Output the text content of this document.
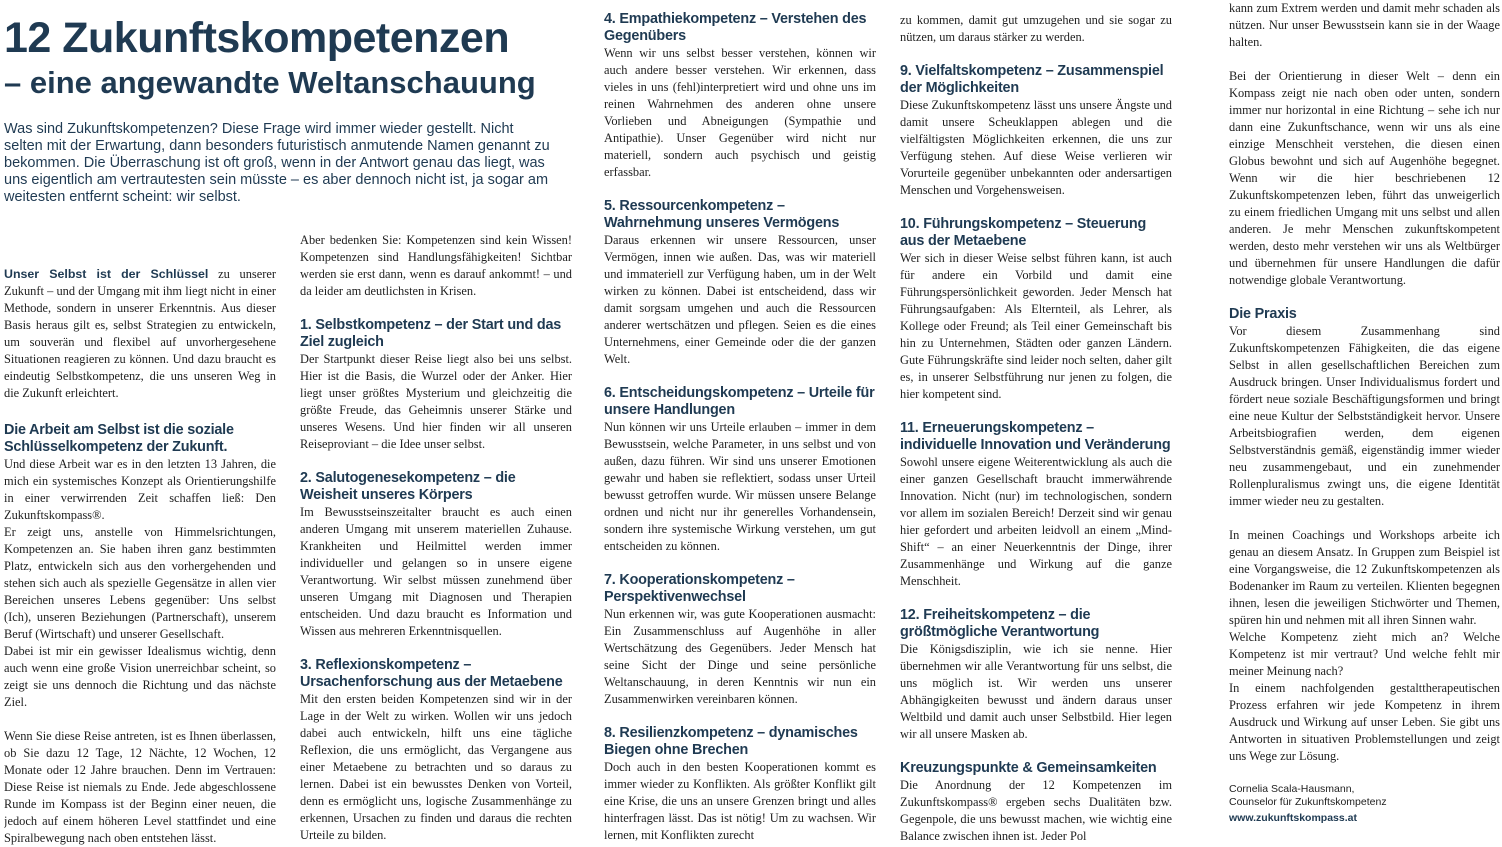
12 Zukunftskompetenzen
– eine angewandte Weltanschauung
Was sind Zukunftskompetenzen? Diese Frage wird immer wieder gestellt. Nicht selten mit der Erwartung, dann besonders futuristisch anmutende Namen genannt zu bekommen. Die Überraschung ist oft groß, wenn in der Antwort genau das liegt, was uns eigentlich am vertrautesten sein müsste – es aber dennoch nicht ist, ja sogar am weitesten entfernt scheint: wir selbst.

Unser Selbst ist der Schlüssel zu unserer Zukunft – und der Umgang mit ihm liegt nicht in einer Methode, sondern in unserer Erkenntnis. Aus dieser Basis heraus gilt es, selbst Strategien zu entwickeln, um souverän und flexibel auf unvorhergesehene Situationen reagieren zu können. Und dazu braucht es eindeutig Selbstkompetenz, die uns unseren Weg in die Zukunft erleichtert.

Die Arbeit am Selbst ist die soziale Schlüsselkompetenz der Zukunft.

Und diese Arbeit war es in den letzten 13 Jahren, die mich ein systemisches Konzept als Orientierungshilfe in einer verwirrenden Zeit schaffen ließ: Den Zukunftskompass®.

Er zeigt uns, anstelle von Himmelsrichtungen, Kompetenzen an. Sie haben ihren ganz bestimmten Platz, entwickeln sich aus den vorhergehenden und stehen sich auch als spezielle Gegensätze in allen vier Bereichen unseres Lebens gegenüber: Uns selbst (Ich), unseren Beziehungen (Partnerschaft), unserem Beruf (Wirtschaft) und unserer Gesellschaft.

Dabei ist mir ein gewisser Idealismus wichtig, denn auch wenn eine große Vision unerreichbar scheint, so zeigt sie uns dennoch die Richtung und das nächste Ziel.

Wenn Sie diese Reise antreten, ist es Ihnen überlassen, ob Sie dazu 12 Tage, 12 Nächte, 12 Wochen, 12 Monate oder 12 Jahre brauchen. Denn im Vertrauen: Diese Reise ist niemals zu Ende. Jede abgeschlossene Runde im Kompass ist der Beginn einer neuen, die jedoch auf einem höheren Level stattfindet und eine Spiralbewegung nach oben entstehen lässt.

Aber bedenken Sie: Kompetenzen sind kein Wissen! Kompetenzen sind Handlungsfähigkeiten! Sichtbar werden sie erst dann, wenn es darauf ankommt! – und da leider am deutlichsten in Krisen.

1. Selbstkompetenz – der Start und das Ziel zugleich

Der Startpunkt dieser Reise liegt also bei uns selbst. Hier ist die Basis, die Wurzel oder der Anker. Hier liegt unser größtes Mysterium und gleichzeitig die größte Freude, das Geheimnis unserer Stärke und unseres Wesens. Und hier finden wir all unseren Reiseproviant – die Idee unser selbst.

2. Salutogenesekompetenz – die Weisheit unseres Körpers

Im Bewusstseinszeitalter braucht es auch einen anderen Umgang mit unserem materiellen Zuhause. Krankheiten und Heilmittel werden immer individueller und gelangen so in unsere eigene Verantwortung. Wir selbst müssen zunehmend über unseren Umgang mit Diagnosen und Therapien entscheiden. Und dazu braucht es Information und Wissen aus mehreren Erkenntnisquellen.

3. Reflexionskompetenz – Ursachenforschung aus der Metaebene

Mit den ersten beiden Kompetenzen sind wir in der Lage in der Welt zu wirken. Wollen wir uns jedoch dabei auch entwickeln, hilft uns eine tägliche Reflexion, die uns ermöglicht, das Vergangene aus einer Metaebene zu betrachten und so daraus zu lernen. Dabei ist ein bewusstes Denken von Vorteil, denn es ermöglicht uns, logische Zusammenhänge zu erkennen, Ursachen zu finden und daraus die rechten Urteile zu bilden.

4. Empathiekompetenz – Verstehen des Gegenübers

Wenn wir uns selbst besser verstehen, können wir auch andere besser verstehen. Wir erkennen, dass vieles in uns (fehl)interpretiert wird und ohne uns im reinen Wahrnehmen des anderen ohne unsere Vorlieben und Abneigungen (Sympathie und Antipathie). Unser Gegenüber wird nicht nur materiell, sondern auch psychisch und geistig erfassbar.

5. Ressourcenkompetenz – Wahrnehmung unseres Vermögens

Daraus erkennen wir unsere Ressourcen, unser Vermögen, innen wie außen. Das, was wir materiell und immateriell zur Verfügung haben, um in der Welt wirken zu können. Dabei ist entscheidend, dass wir damit sorgsam umgehen und auch die Ressourcen anderer wertschätzen und pflegen. Seien es die eines Unternehmens, einer Gemeinde oder die der ganzen Welt.

6. Entscheidungskompetenz – Urteile für unsere Handlungen

Nun können wir uns Urteile erlauben – immer in dem Bewusstsein, welche Parameter, in uns selbst und von außen, dazu führen. Wir sind uns unserer Emotionen gewahr und haben sie reflektiert, sodass unser Urteil bewusst getroffen wurde. Wir müssen unsere Belange ordnen und nicht nur ihr generelles Vorhandensein, sondern ihre systemische Wirkung verstehen, um gut entscheiden zu können.

7. Kooperationskompetenz – Perspektivenwechsel

Nun erkennen wir, was gute Kooperationen ausmacht: Ein Zusammenschluss auf Augenhöhe in aller Wertschätzung des Gegenübers. Jeder Mensch hat seine Sicht der Dinge und seine persönliche Weltanschauung, in deren Kenntnis wir nun ein Zusammenwirken vereinbaren können.

8. Resilienzkompetenz – dynamisches Biegen ohne Brechen

Doch auch in den besten Kooperationen kommt es immer wieder zu Konflikten. Als größter Konflikt gilt eine Krise, die uns an unsere Grenzen bringt und alles hinterfragen lässt. Das ist nötig! Um zu wachsen. Wir lernen, mit Konflikten zurecht

zu kommen, damit gut umzugehen und sie sogar zu nützen, um daraus stärker zu werden.

9. Vielfaltskompetenz – Zusammenspiel der Möglichkeiten

Diese Zukunftskompetenz lässt uns unsere Ängste und damit unsere Scheuklappen ablegen und die vielfältigsten Möglichkeiten erkennen, die uns zur Verfügung stehen. Auf diese Weise verlieren wir Vorurteile gegenüber unbekannten oder andersartigen Menschen und Vorgehensweisen.

10. Führungskompetenz – Steuerung aus der Metaebene

Wer sich in dieser Weise selbst führen kann, ist auch für andere ein Vorbild und damit eine Führungspersönlichkeit geworden. Jeder Mensch hat Führungsaufgaben: Als Elternteil, als Lehrer, als Kollege oder Freund; als Teil einer Gemeinschaft bis hin zu Unternehmen, Städten oder ganzen Ländern. Gute Führungskräfte sind leider noch selten, daher gilt es, in unserer Selbstführung nur jenen zu folgen, die hier kompetent sind.

11. Erneuerungskompetenz – individuelle Innovation und Veränderung

Sowohl unsere eigene Weiterentwicklung als auch die einer ganzen Gesellschaft braucht immerwährende Innovation. Nicht (nur) im technologischen, sondern vor allem im sozialen Bereich! Derzeit sind wir genau hier gefordert und arbeiten leidvoll an einem „Mind-Shift“ – an einer Neuerkenntnis der Dinge, ihrer Zusammenhänge und Wirkung auf die ganze Menschheit.

12. Freiheitskompetenz – die größtmögliche Verantwortung

Die Königsdisziplin, wie ich sie nenne. Hier übernehmen wir alle Verantwortung für uns selbst, die uns möglich ist. Wir werden uns unserer Abhängigkeiten bewusst und ändern daraus unser Weltbild und damit auch unser Selbstbild. Hier legen wir all unsere Masken ab.

Kreuzungspunkte & Gemeinsamkeiten

Die Anordnung der 12 Kompetenzen im Zukunftskompass® ergeben sechs Dualitäten bzw. Gegenpole, die uns bewusst machen, wie wichtig eine Balance zwischen ihnen ist. Jeder Pol

kann zum Extrem werden und damit mehr schaden als nützen. Nur unser Bewusstsein kann sie in der Waage halten.

Bei der Orientierung in dieser Welt – denn ein Kompass zeigt nie nach oben oder unten, sondern immer nur horizontal in eine Richtung – sehe ich nur dann eine Zukunftschance, wenn wir uns als eine einzige Menschheit verstehen, die diesen einen Globus bewohnt und sich auf Augenhöhe begegnet. Wenn wir die hier beschriebenen 12 Zukunftskompetenzen leben, führt das unweigerlich zu einem friedlichen Umgang mit uns selbst und allen anderen. Je mehr Menschen zukunftskompetent werden, desto mehr verstehen wir uns als Weltbürger und übernehmen für unsere Handlungen die dafür notwendige globale Verantwortung.

Die Praxis

Vor diesem Zusammenhang sind Zukunftskompetenzen Fähigkeiten, die das eigene Selbst in allen gesellschaftlichen Bereichen zum Ausdruck bringen. Unser Individualismus fordert und fördert neue soziale Beschäftigungsformen und bringt eine neue Kultur der Selbstständigkeit hervor. Unsere Arbeitsbiografien werden, dem eigenen Selbstverständnis gemäß, eigenständig immer wieder neu zusammengebaut, und ein zunehmender Rollenpluralismus zwingt uns, die eigene Identität immer wieder neu zu gestalten.

In meinen Coachings und Workshops arbeite ich genau an diesem Ansatz. In Gruppen zum Beispiel ist eine Vorgangsweise, die 12 Zukunftskompetenzen als Bodenanker im Raum zu verteilen. Klienten begegnen ihnen, lesen die jeweiligen Stichwörter und Themen, spüren hin und nehmen mit all ihren Sinnen wahr.

Welche Kompetenz zieht mich an? Welche Kompetenz ist mir vertraut? Und welche fehlt mir meiner Meinung nach?

In einem nachfolgenden gestalttherapeutischen Prozess erfahren wir jede Kompetenz in ihrem Ausdruck und Wirkung auf unser Leben. Sie gibt uns Antworten in situativen Problemstellungen und zeigt uns Wege zur Lösung.

Cornelia Scala-Hausmann,

Counselor für Zukunftskompetenz

www.zukunftskompass.at
